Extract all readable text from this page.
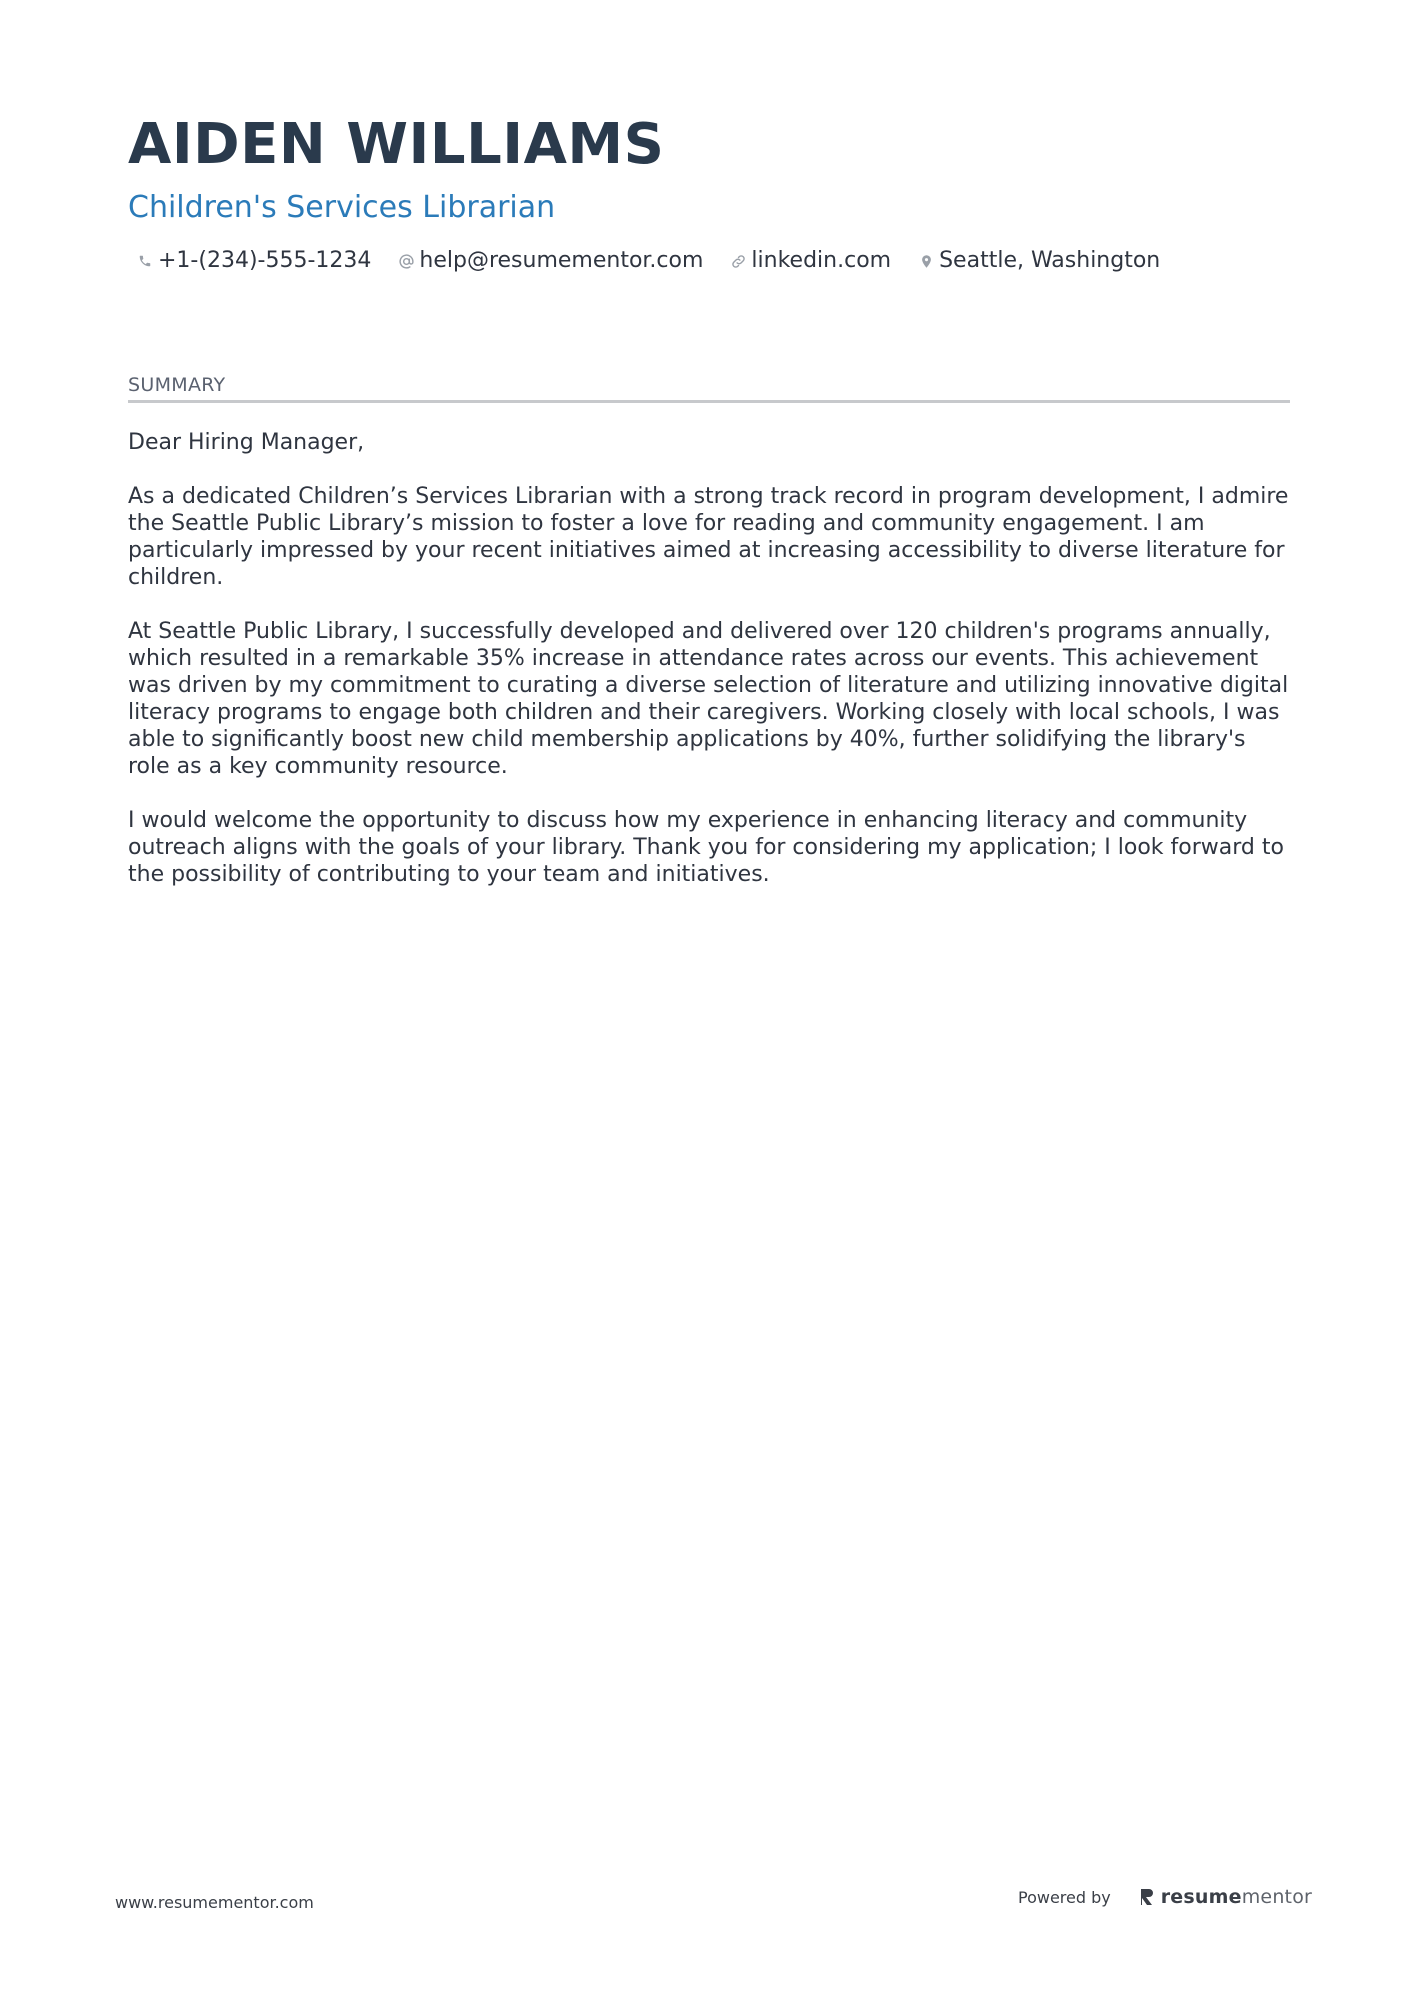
AIDEN WILLIAMS
Children's Services Librarian
+1-(234)-555-1234 help@resumementor.com linkedin.com Seattle, Washington
SUMMARY

Dear Hiring Manager,

As a dedicated Children’s Services Librarian with a strong track record in program development, I admire the Seattle Public Library’s mission to foster a love for reading and community engagement. I am particularly impressed by your recent initiatives aimed at increasing accessibility to diverse literature for children.

At Seattle Public Library, I successfully developed and delivered over 120 children's programs annually, which resulted in a remarkable 35% increase in attendance rates across our events. This achievement was driven by my commitment to curating a diverse selection of literature and utilizing innovative digital literacy programs to engage both children and their caregivers. Working closely with local schools, I was able to significantly boost new child membership applications by 40%, further solidifying the library's role as a key community resource.

I would welcome the opportunity to discuss how my experience in enhancing literacy and community outreach aligns with the goals of your library. Thank you for considering my application; I look forward to the possibility of contributing to your team and initiatives.

www.resumementor.com	Powered by	resume mentor
